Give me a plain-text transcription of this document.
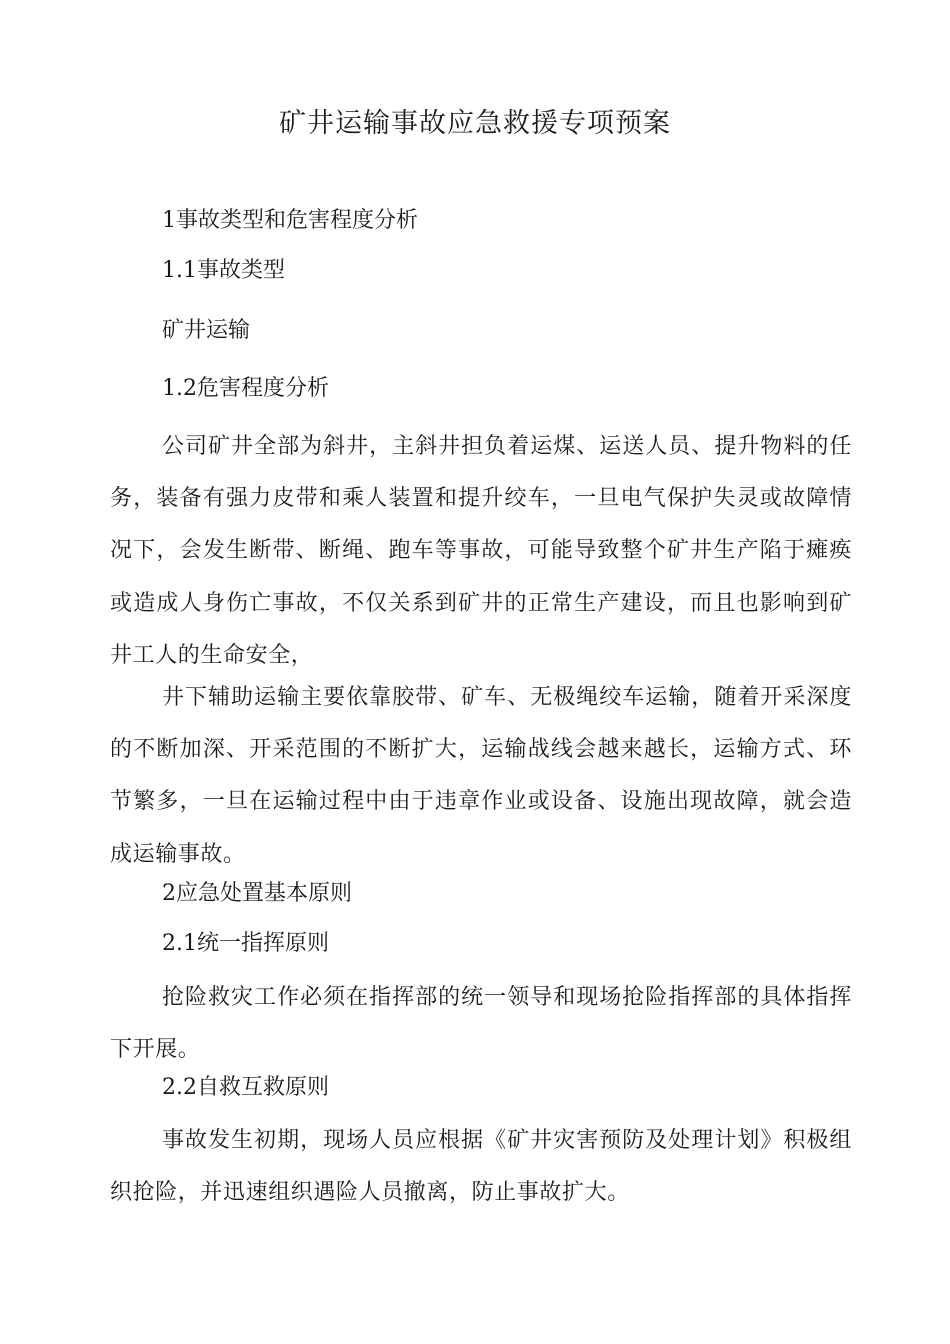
矿井运输事故应急救援专项预案
1事故类型和危害程度分析
1.1事故类型
矿井运输
1.2危害程度分析
公司矿井全部为斜井，主斜井担负着运煤、运送人员、提升物料的任务，装备有强力皮带和乘人装置和提升绞车，一旦电气保护失灵或故障情况下，会发生断带、断绳、跑车等事故，可能导致整个矿井生产陷于瘫痪或造成人身伤亡事故，不仅关系到矿井的正常生产建设，而且也影响到矿井工人的生命安全，
井下辅助运输主要依靠胶带、矿车、无极绳绞车运输，随着开采深度的不断加深、开采范围的不断扩大，运输战线会越来越长，运输方式、环节繁多，一旦在运输过程中由于违章作业或设备、设施出现故障，就会造成运输事故。
2应急处置基本原则
2.1统一指挥原则
抢险救灾工作必须在指挥部的统一领导和现场抢险指挥部的具体指挥下开展。
2.2自救互救原则
事故发生初期，现场人员应根据《矿井灾害预防及处理计划》积极组织抢险，并迅速组织遇险人员撤离，防止事故扩大。
